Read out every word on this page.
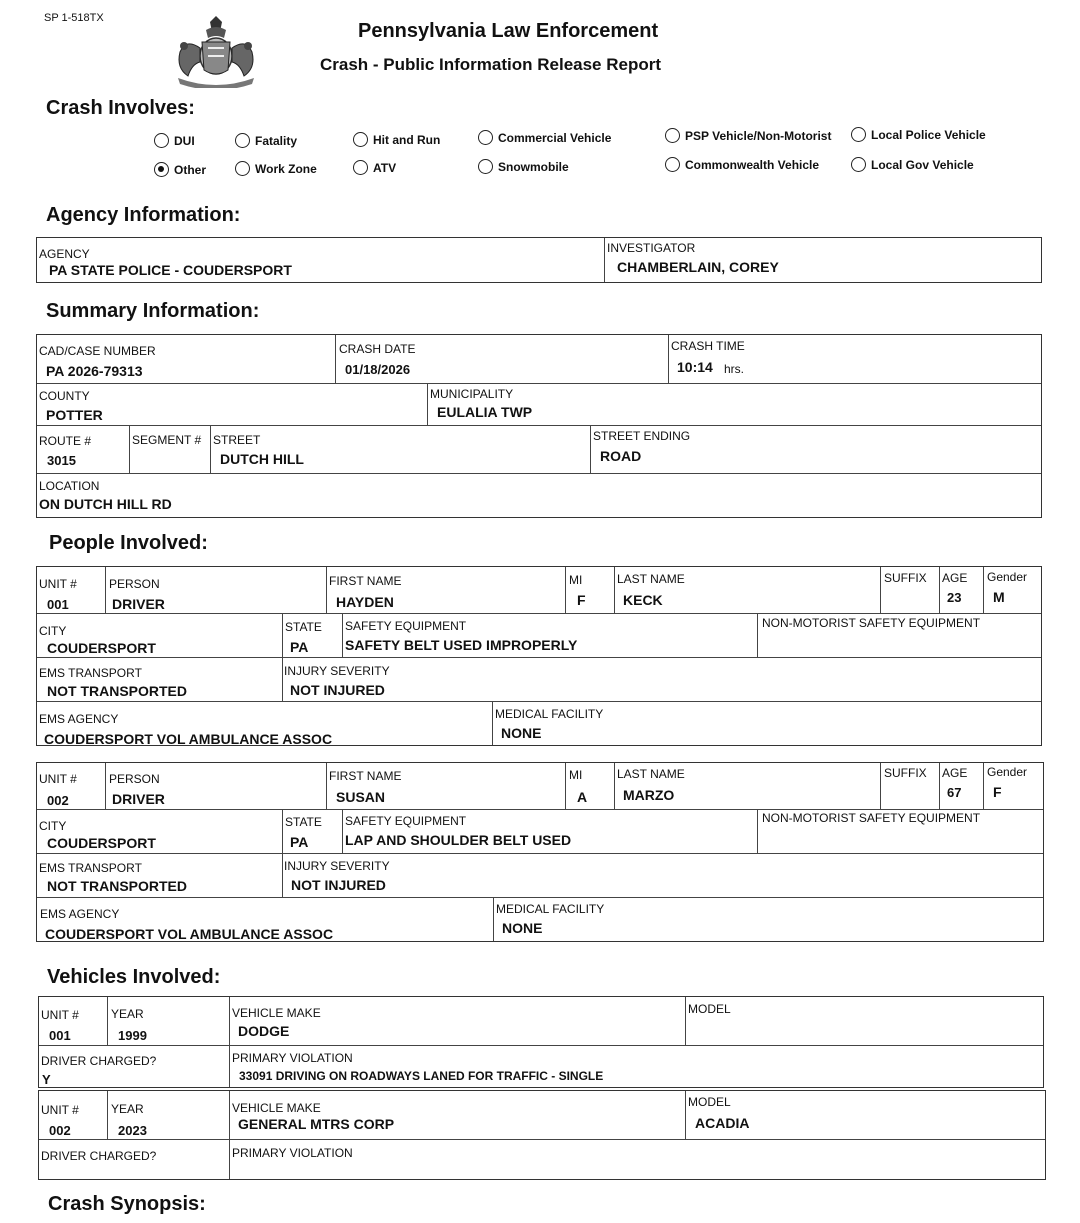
SP 1-518TX
Pennsylvania Law Enforcement
Crash - Public Information Release Report
Crash Involves:
DUI
Other
Fatality
Work Zone
Hit and Run
ATV
Commercial Vehicle
Snowmobile
PSP Vehicle/Non-Motorist
Commonwealth Vehicle
Local Police Vehicle
Local Gov Vehicle
Agency Information:
AGENCY
PA STATE POLICE - COUDERSPORT
INVESTIGATOR
CHAMBERLAIN, COREY
Summary Information:
CAD/CASE NUMBER
PA 2026-79313
CRASH DATE
01/18/2026
CRASH TIME
10:14 hrs.
COUNTY
POTTER
MUNICIPALITY
EULALIA TWP
ROUTE #
3015
SEGMENT # STREET
DUTCH HILL
STREET ENDING
ROAD
LOCATION
ON DUTCH HILL RD
People Involved:
UNIT #
001
PERSON
DRIVER
FIRST NAME
HAYDEN
MI
F
LAST NAME
KECK
SUFFIX AGE
23
Gender
M
CITY
COUDERSPORT
STATE
PA
SAFETY EQUIPMENT
SAFETY BELT USED IMPROPERLY
NON-MOTORIST SAFETY EQUIPMENT
EMS TRANSPORT
NOT TRANSPORTED
INJURY SEVERITY
NOT INJURED
EMS AGENCY
COUDERSPORT VOL AMBULANCE ASSOC
MEDICAL FACILITY
NONE
UNIT #
002
PERSON
DRIVER
FIRST NAME
SUSAN
MI
A
LAST NAME
MARZO
SUFFIX AGE
67
Gender
F
CITY
COUDERSPORT
STATE
PA
SAFETY EQUIPMENT
LAP AND SHOULDER BELT USED
NON-MOTORIST SAFETY EQUIPMENT
EMS TRANSPORT
NOT TRANSPORTED
INJURY SEVERITY
NOT INJURED
EMS AGENCY
COUDERSPORT VOL AMBULANCE ASSOC
MEDICAL FACILITY
NONE
Vehicles Involved:
UNIT #
001
YEAR
1999
VEHICLE MAKE
DODGE
MODEL
DRIVER CHARGED?
Y
PRIMARY VIOLATION
33091 DRIVING ON ROADWAYS LANED FOR TRAFFIC - SINGLE
UNIT #
002
YEAR
2023
VEHICLE MAKE
GENERAL MTRS CORP
MODEL
ACADIA
DRIVER CHARGED?	PRIMARY VIOLATION
Crash Synopsis:
